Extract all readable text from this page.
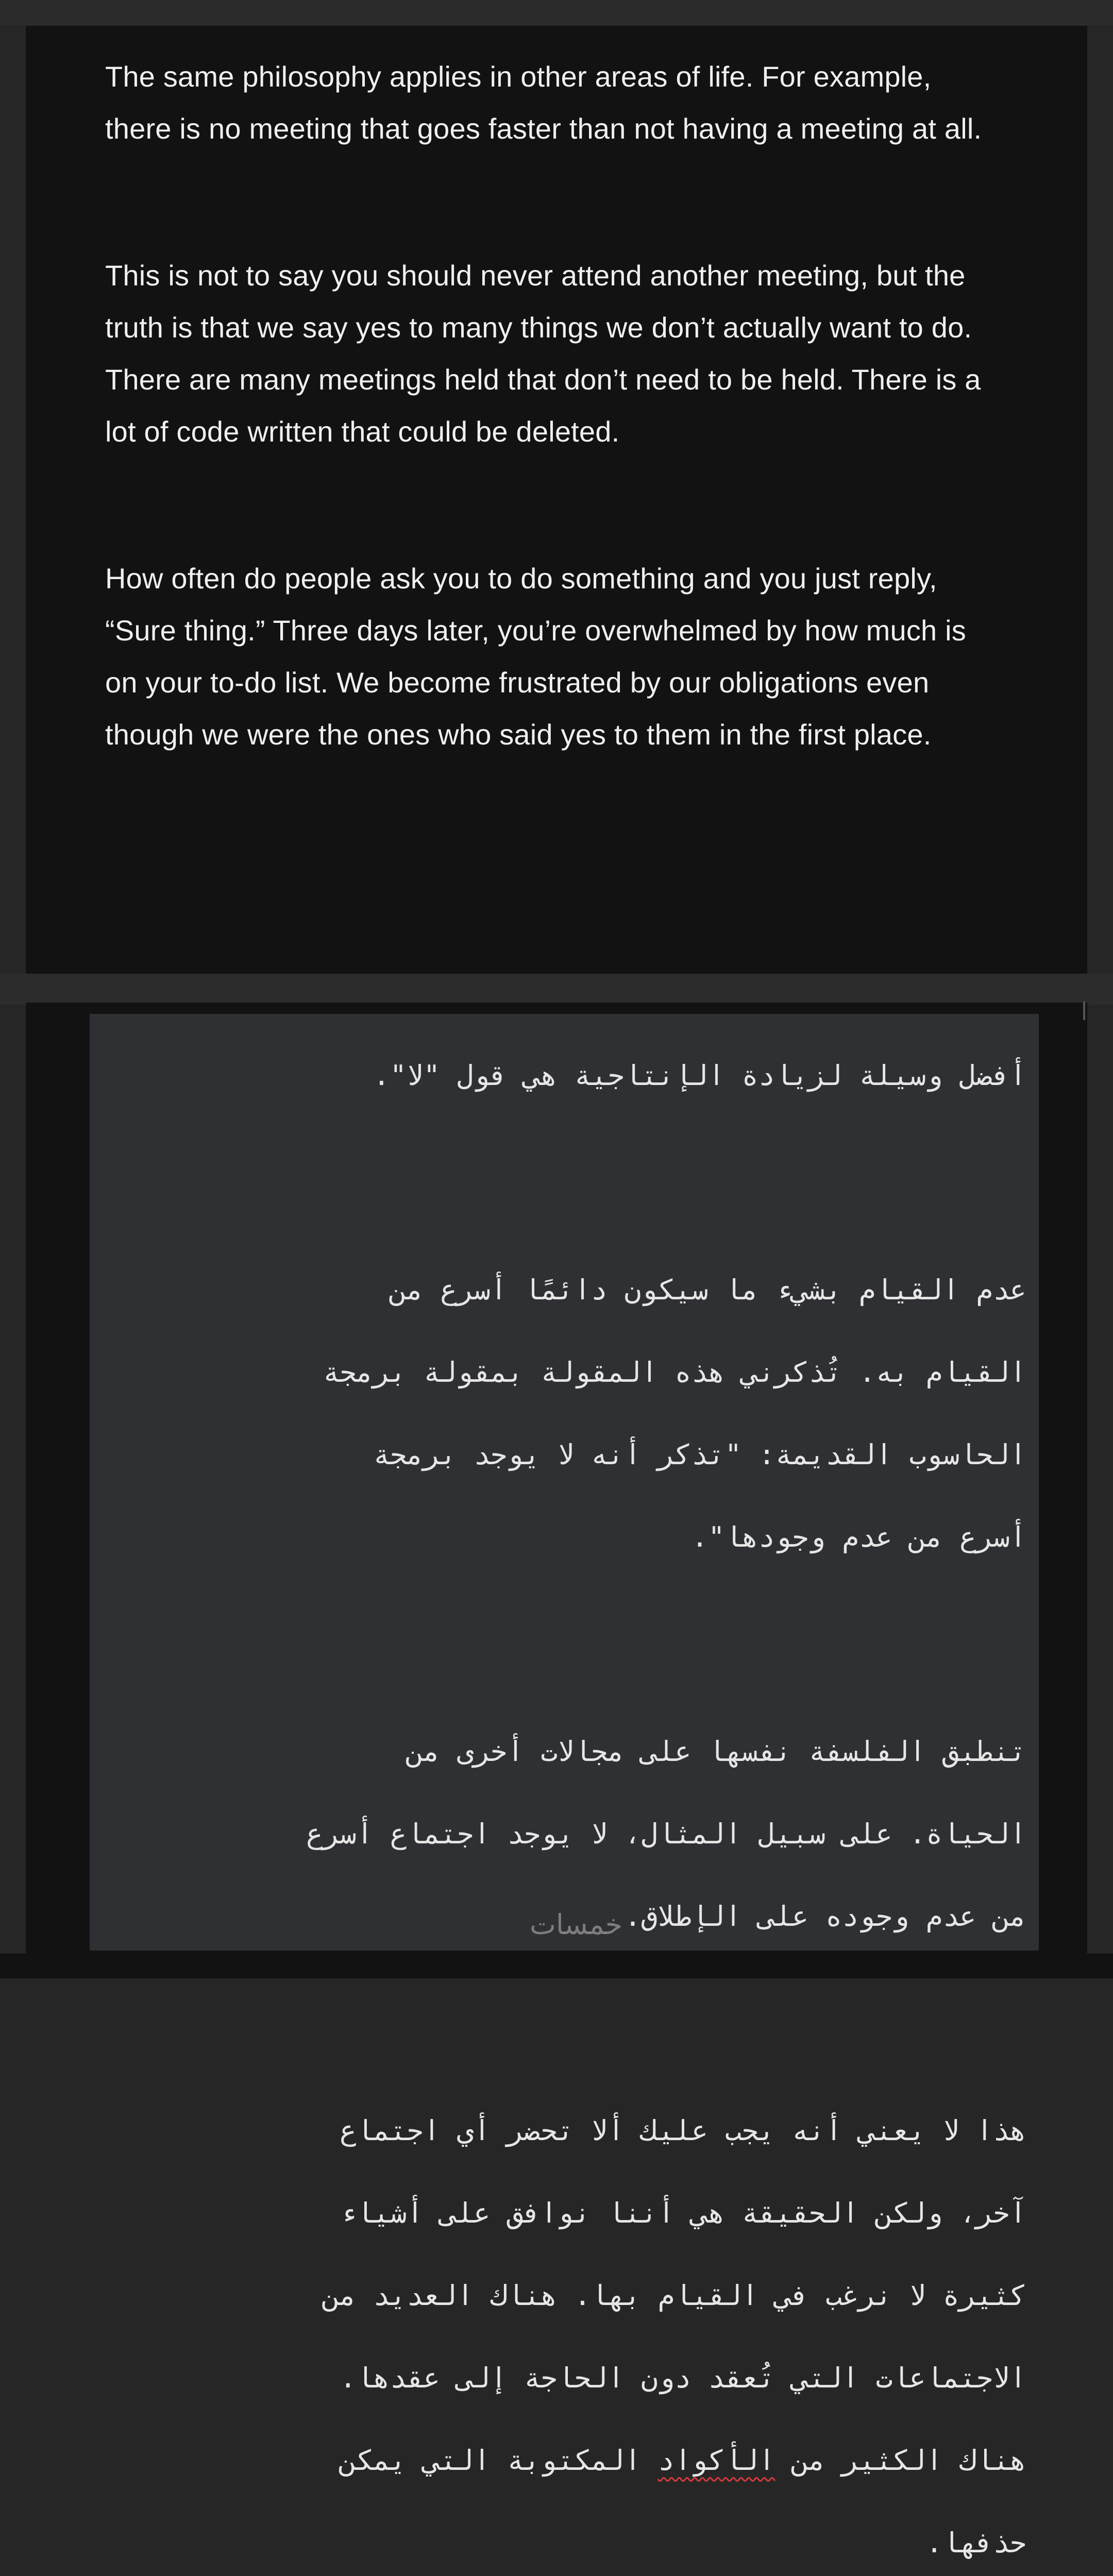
The same philosophy applies in other areas of life. For example, there is no meeting that goes faster than not having a meeting at all.

This is not to say you should never attend another meeting, but the truth is that we say yes to many things we don’t actually want to do. There are many meetings held that don’t need to be held. There is a lot of code written that could be deleted.

How often do people ask you to do something and you just reply, “Sure thing.” Three days later, you’re overwhelmed by how much is on your to-do list. We become frustrated by our obligations even though we were the ones who said yes to them in the first place.

أفضل وسيلة لزيادة الإنتاجية هي قول "لا".

عدم القيام بشيء ما سيكون دائمًا أسرع من

القيام به. تُذكرني هذه المقولة بمقولة برمجة

الحاسوب القديمة: "تذكر أنه لا يوجد برمجة

أسرع من عدم وجودها".

تنطبق الفلسفة نفسها على مجالات أخرى من

الحياة. على سبيل المثال، لا يوجد اجتماع أسرع

من عدم وجوده على الإطلاق.

هذا لا يعني أنه يجب عليك ألا تحضر أي اجتماع

آخر، ولكن الحقيقة هي أننا نوافق على أشياء

كثيرة لا نرغب في القيام بها. هناك العديد من

الاجتماعات التي تُعقد دون الحاجة إلى عقدها.

هناك الكثير من الأكواد المكتوبة التي يمكن

حذفها.

خمسات
